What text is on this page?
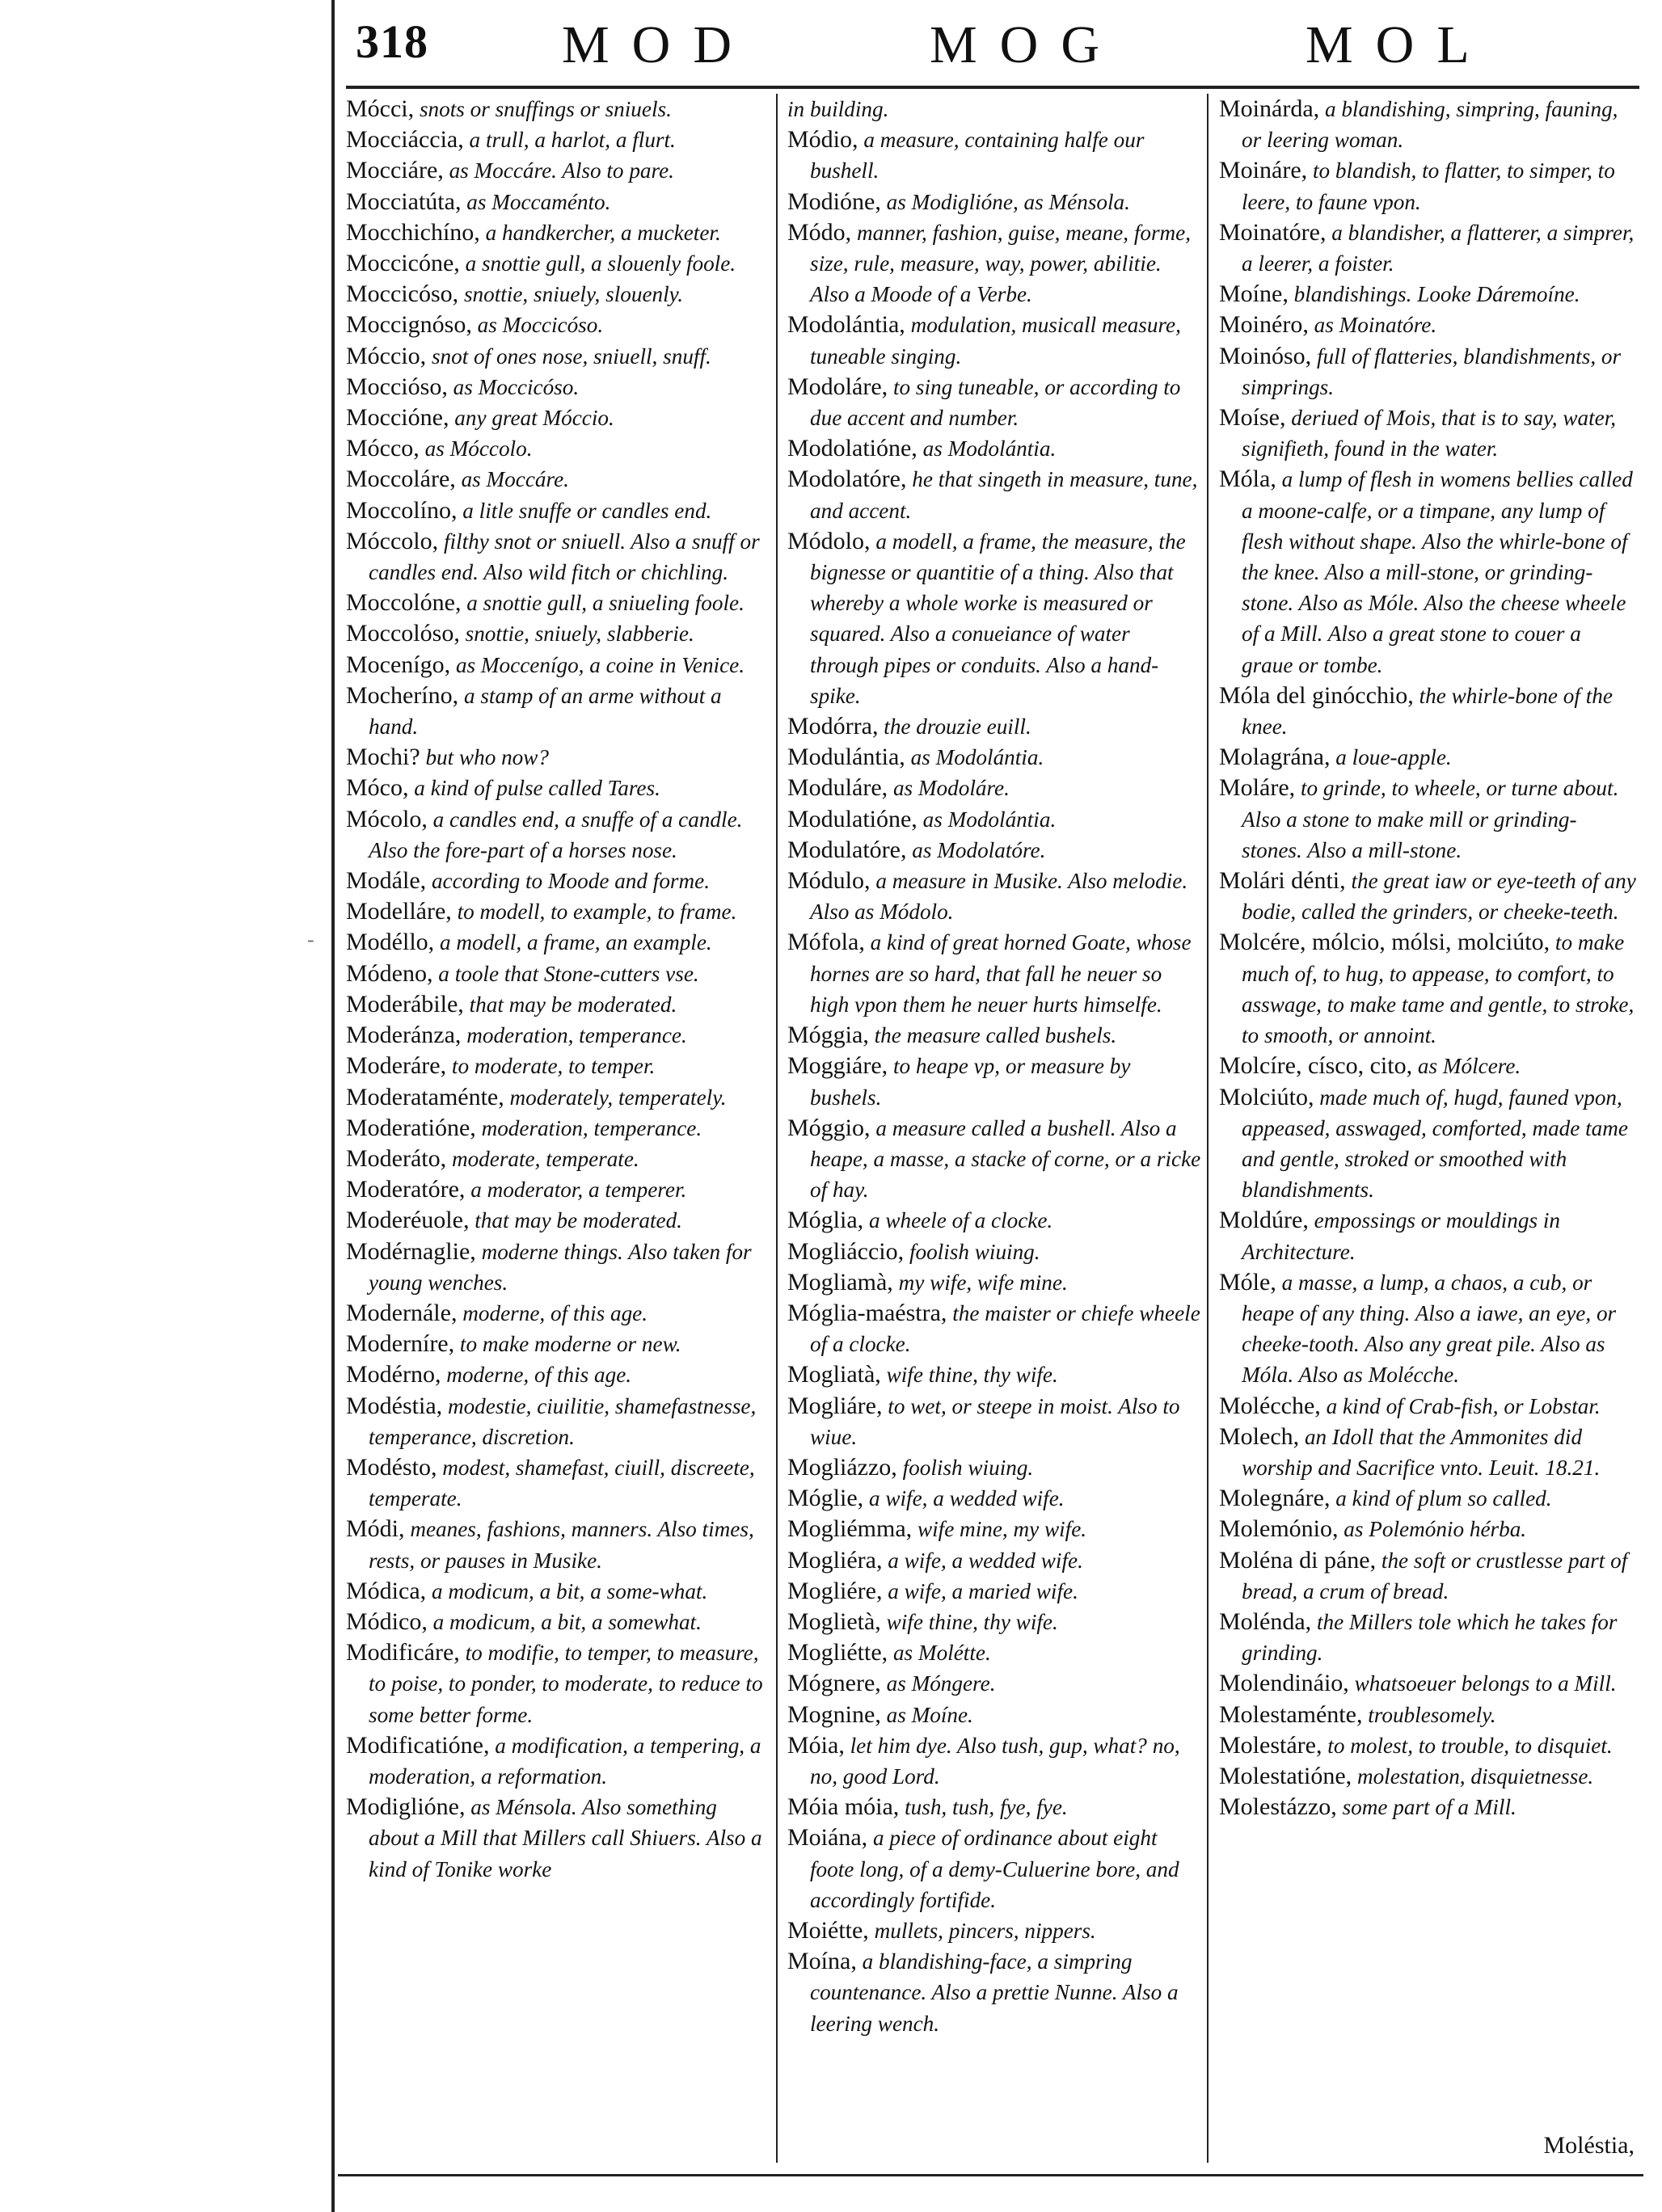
318	MOD	MOG	MOL
-

Mócci, snots or snuffings or sniuels.

Mocciáccia, a trull, a harlot, a flurt.

Mocciáre, as Moccáre. Also to pare.

Mocciatúta, as Moccaménto.

Mocchichíno, a handkercher, a mucketer.

Moccicóne, a snottie gull, a slouenly foole.

Moccicóso, snottie, sniuely, slouenly.

Moccignóso, as Moccicóso.

Móccio, snot of ones nose, sniuell, snuff.

Moccióso, as Moccicóso.

Moccióne, any great Móccio.

Mócco, as Móccolo.

Moccoláre, as Moccáre.

Moccolíno, a litle snuffe or candles end.

Móccolo, filthy snot or sniuell. Also a snuff or candles end. Also wild fitch or chichling.

Moccolóne, a snottie gull, a sniueling foole.

Moccolóso, snottie, sniuely, slabberie.

Mocenígo, as Moccenígo, a coine in Venice.

Mocheríno, a stamp of an arme without a hand.

Mochi? but who now?

Móco, a kind of pulse called Tares.

Mócolo, a candles end, a snuffe of a candle. Also the fore-part of a horses nose.

Modále, according to Moode and forme.

Modelláre, to modell, to example, to frame.

Modéllo, a modell, a frame, an example.

Módeno, a toole that Stone-cutters vse.

Moderábile, that may be moderated.

Moderánza, moderation, temperance.

Moderáre, to moderate, to temper.

Moderataménte, moderately, temperately.

Moderatióne, moderation, temperance.

Moderáto, moderate, temperate.

Moderatóre, a moderator, a temperer.

Moderéuole, that may be moderated.

Modérnaglie, moderne things. Also taken for young wenches.

Modernále, moderne, of this age.

Moderníre, to make moderne or new.

Modérno, moderne, of this age.

Modéstia, modestie, ciuilitie, shamefastnesse, temperance, discretion.

Modésto, modest, shamefast, ciuill, discreete, temperate.

Módi, meanes, fashions, manners. Also times, rests, or pauses in Musike.

Módica, a modicum, a bit, a some-what.

Módico, a modicum, a bit, a somewhat.

Modificáre, to modifie, to temper, to measure, to poise, to ponder, to moderate, to reduce to some better forme.

Modificatióne, a modification, a tempering, a moderation, a reformation.

Modiglióne, as Ménsola. Also something about a Mill that Millers call Shiuers. Also a kind of Tonike worke

in building.

Módio, a measure, containing halfe our bushell.

Modióne, as Modiglióne, as Ménsola.

Módo, manner, fashion, guise, meane, forme, size, rule, measure, way, power, abilitie. Also a Moode of a Verbe.

Modolántia, modulation, musicall measure, tuneable singing.

Modoláre, to sing tuneable, or according to due accent and number.

Modolatióne, as Modolántia.

Modolatóre, he that singeth in measure, tune, and accent.

Módolo, a modell, a frame, the measure, the bignesse or quantitie of a thing. Also that whereby a whole worke is measured or squared. Also a conueiance of water through pipes or conduits. Also a hand-spike.

Modórra, the drouzie euill.

Modulántia, as Modolántia.

Moduláre, as Modoláre.

Modulatióne, as Modolántia.

Modulatóre, as Modolatóre.

Módulo, a measure in Musike. Also melodie. Also as Módolo.

Mófola, a kind of great horned Goate, whose hornes are so hard, that fall he neuer so high vpon them he neuer hurts himselfe.

Móggia, the measure called bushels.

Moggiáre, to heape vp, or measure by bushels.

Móggio, a measure called a bushell. Also a heape, a masse, a stacke of corne, or a ricke of hay.

Móglia, a wheele of a clocke.

Mogliáccio, foolish wiuing.

Mogliamà, my wife, wife mine.

Móglia-maéstra, the maister or chiefe wheele of a clocke.

Mogliatà, wife thine, thy wife.

Mogliáre, to wet, or steepe in moist. Also to wiue.

Mogliázzo, foolish wiuing.

Móglie, a wife, a wedded wife.

Mogliémma, wife mine, my wife.

Mogliéra, a wife, a wedded wife.

Mogliére, a wife, a maried wife.

Moglietà, wife thine, thy wife.

Mogliétte, as Molétte.

Mógnere, as Móngere.

Mognine, as Moíne.

Móia, let him dye. Also tush, gup, what? no, no, good Lord.

Móia móia, tush, tush, fye, fye.

Moiána, a piece of ordinance about eight foote long, of a demy-Culuerine bore, and accordingly fortifide.

Moiétte, mullets, pincers, nippers.

Moína, a blandishing-face, a simpring countenance. Also a prettie Nunne. Also a leering wench.

Moinárda, a blandishing, simpring, fauning, or leering woman.

Moináre, to blandish, to flatter, to simper, to leere, to faune vpon.

Moinatóre, a blandisher, a flatterer, a simprer, a leerer, a foister.

Moíne, blandishings. Looke Dáremoíne.

Moinéro, as Moinatóre.

Moinóso, full of flatteries, blandishments, or simprings.

Moíse, deriued of Mois, that is to say, water, signifieth, found in the water.

Móla, a lump of flesh in womens bellies called a moone-calfe, or a timpane, any lump of flesh without shape. Also the whirle-bone of the knee. Also a mill-stone, or grinding-stone. Also as Móle. Also the cheese wheele of a Mill. Also a great stone to couer a graue or tombe.

Móla del ginócchio, the whirle-bone of the knee.

Molagrána, a loue-apple.

Moláre, to grinde, to wheele, or turne about. Also a stone to make mill or grinding-stones. Also a mill-stone.

Molári dénti, the great iaw or eye-teeth of any bodie, called the grinders, or cheeke-teeth.

Molcére, mólcio, mólsi, molciúto, to make much of, to hug, to appease, to comfort, to asswage, to make tame and gentle, to stroke, to smooth, or annoint.

Molcíre, císco, cito, as Mólcere.

Molciúto, made much of, hugd, fauned vpon, appeased, asswaged, comforted, made tame and gentle, stroked or smoothed with blandishments.

Moldúre, empossings or mouldings in Architecture.

Móle, a masse, a lump, a chaos, a cub, or heape of any thing. Also a iawe, an eye, or cheeke-tooth. Also any great pile. Also as Móla. Also as Molécche.

Molécche, a kind of Crab-fish, or Lobstar.

Molech, an Idoll that the Ammonites did worship and Sacrifice vnto. Leuit. 18.21.

Molegnáre, a kind of plum so called.

Molemónio, as Polemónio hérba.

Moléna di páne, the soft or crustlesse part of bread, a crum of bread.

Molénda, the Millers tole which he takes for grinding.

Molendináio, whatsoeuer belongs to a Mill.

Molestaménte, troublesomely.

Molestáre, to molest, to trouble, to disquiet.

Molestatióne, molestation, disquietnesse.

Molestázzo, some part of a Mill.

Moléstia,
